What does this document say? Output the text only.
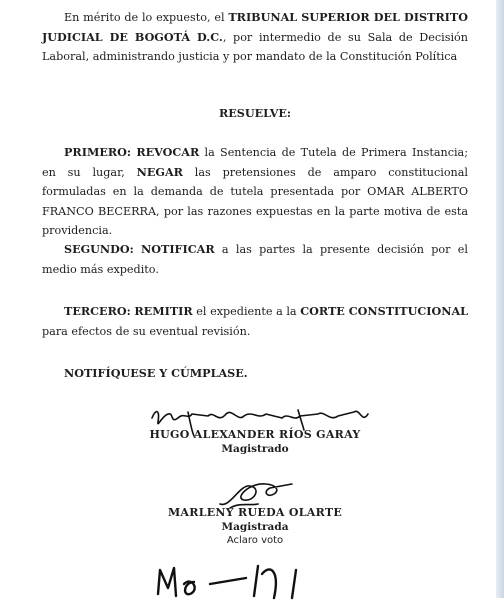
En mérito de lo expuesto, el TRIBUNAL SUPERIOR DEL DISTRITO JUDICIAL DE BOGOTÁ D.C., por intermedio de su Sala de Decisión Laboral, administrando justicia y por mandato de la Constitución Política

RESUELVE:

PRIMERO: REVOCAR la Sentencia de Tutela de Primera Instancia; en su lugar, NEGAR las pretensiones de amparo constitucional formuladas en la demanda de tutela presentada por OMAR ALBERTO FRANCO BECERRA, por las razones expuestas en la parte motiva de esta providencia.

SEGUNDO: NOTIFICAR a las partes la presente decisión por el medio más expedito.

TERCERO: REMITIR el expediente a la CORTE CONSTITUCIONAL para efectos de su eventual revisión.

NOTIFÍQUESE Y CÚMPLASE.

HUGO ALEXANDER RÍOS GARAY
Magistrado
MARLENY RUEDA OLARTE
Magistrada
Aclaro voto
